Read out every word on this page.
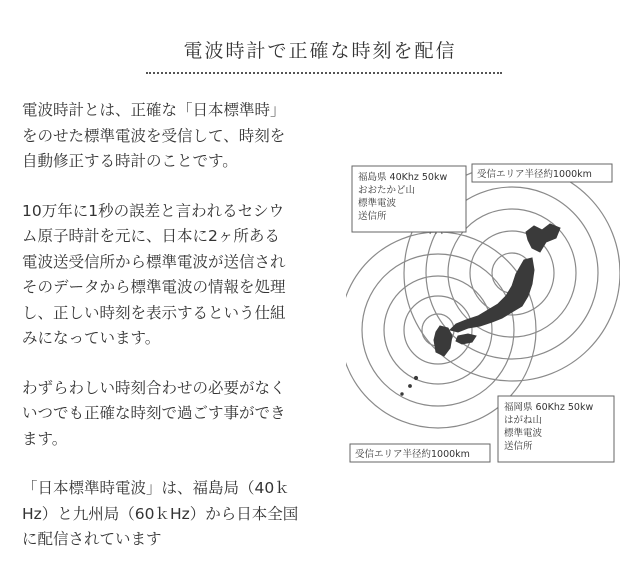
電波時計で正確な時刻を配信

電波時計とは、正確な「日本標準時」
をのせた標準電波を受信して、時刻を
自動修正する時計のことです。

10万年に1秒の誤差と言われるセシウ
ム原子時計を元に、日本に2ヶ所ある
電波送受信所から標準電波が送信され
そのデータから標準電波の情報を処理
し、正しい時刻を表示するという仕組
みになっています。

わずらわしい時刻合わせの必要がなく
いつでも正確な時刻で過ごす事ができ
ます。

「日本標準時電波」は、福島局（40ｋ
Hz）と九州局（60ｋHz）から日本全国
に配信されています

福島県 40Khz 50kw
おおたかど山
標準電波
送信所
受信エリア半径約1000km
福岡県 60Khz 50kw
はがね山
標準電波
送信所
受信エリア半径約1000km
